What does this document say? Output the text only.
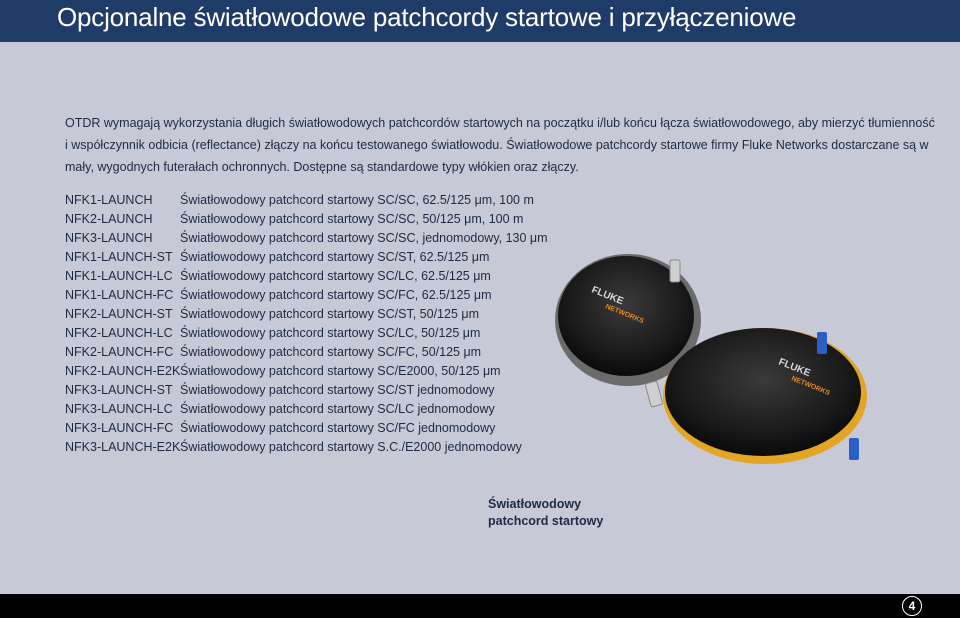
Opcjonalne światłowodowe patchcordy startowe i przyłączeniowe

OTDR wymagają wykorzystania długich światłowodowych patchcordów startowych na początku i/lub końcu łącza światłowodowego, aby mierzyć tłumienność

i współczynnik odbicia (reflectance) złączy na końcu testowanego światłowodu. Światłowodowe patchcordy startowe firmy Fluke Networks dostarczane są w

mały, wygodnych futerałach ochronnych. Dostępne są standardowe typy włókien oraz złączy.

NFK1-LAUNCH	Światłowodowy patchcord startowy SC/SC, 62.5/125 μm, 100 m
NFK2-LAUNCH	Światłowodowy patchcord startowy SC/SC, 50/125 μm, 100 m
NFK3-LAUNCH	Światłowodowy patchcord startowy SC/SC, jednomodowy, 130 μm
NFK1-LAUNCH-ST Światłowodowy patchcord startowy SC/ST, 62.5/125 μm
NFK1-LAUNCH-LC Światłowodowy patchcord startowy SC/LC, 62.5/125 μm
NFK1-LAUNCH-FC Światłowodowy patchcord startowy SC/FC, 62.5/125 μm
NFK2-LAUNCH-ST Światłowodowy patchcord startowy SC/ST, 50/125 μm
NFK2-LAUNCH-LC Światłowodowy patchcord startowy SC/LC, 50/125 μm
NFK2-LAUNCH-FC Światłowodowy patchcord startowy SC/FC, 50/125 μm
NFK2-LAUNCH-E2K Światłowodowy patchcord startowy SC/E2000, 50/125 μm
NFK3-LAUNCH-ST Światłowodowy patchcord startowy SC/ST jednomodowy
NFK3-LAUNCH-LC Światłowodowy patchcord startowy SC/LC jednomodowy
NFK3-LAUNCH-FC Światłowodowy patchcord startowy SC/FC jednomodowy
NFK3-LAUNCH-E2K Światłowodowy patchcord startowy S.C./E2000 jednomodowy
FLUKE
NETWORKS
FLUKE
NETWORKS
Światłowodowy
patchcord startowy
4
